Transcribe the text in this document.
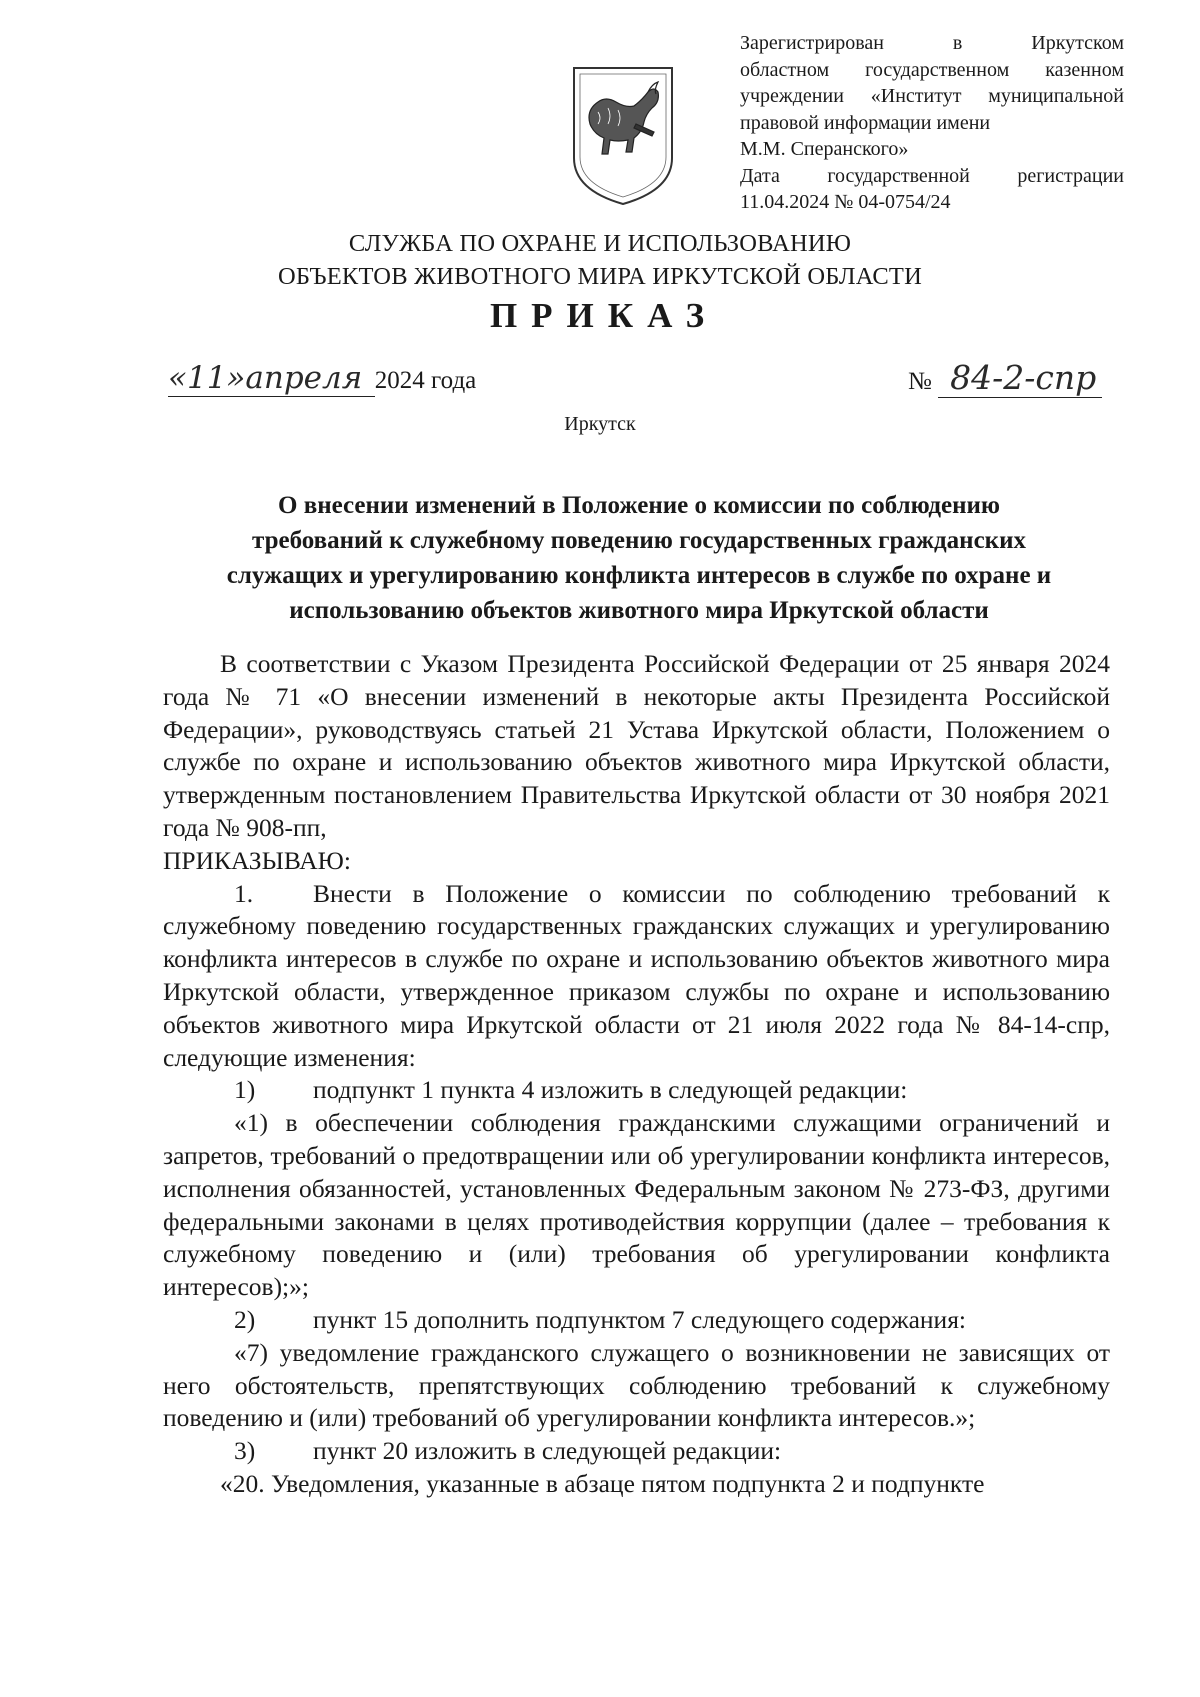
Зарегистрирован в Иркутском
областном государственном казенном
учреждении «Институт муниципальной
правовой информации имени
М.М. Сперанского»
Дата государственной регистрации
11.04.2024 № 04-0754/24
СЛУЖБА ПО ОХРАНЕ И ИСПОЛЬЗОВАНИЮ
ОБЪЕКТОВ ЖИВОТНОГО МИРА ИРКУТСКОЙ ОБЛАСТИ
ПРИКАЗ
«11»апреля 2024 года	№ 84-2-спр
Иркутск
О внесении изменений в Положение о комиссии по соблюдению
требований к служебному поведению государственных гражданских
служащих и урегулированию конфликта интересов в службе по охране и
использованию объектов животного мира Иркутской области

В соответствии с Указом Президента Российской Федерации от 25 января 2024 года № 71 «О внесении изменений в некоторые акты Президента Российской Федерации», руководствуясь статьей 21 Устава Иркутской области, Положением о службе по охране и использованию объектов животного мира Иркутской области, утвержденным постановлением Правительства Иркутской области от 30 ноября 2021 года № 908-пп,

ПРИКАЗЫВАЮ:

1. Внести в Положение о комиссии по соблюдению требований к служебному поведению государственных гражданских служащих и урегулированию конфликта интересов в службе по охране и использованию объектов животного мира Иркутской области, утвержденное приказом службы по охране и использованию объектов животного мира Иркутской области от 21 июля 2022 года № 84-14-спр, следующие изменения:

1) подпункт 1 пункта 4 изложить в следующей редакции:

«1) в обеспечении соблюдения гражданскими служащими ограничений и запретов, требований о предотвращении или об урегулировании конфликта интересов, исполнения обязанностей, установленных Федеральным законом № 273-ФЗ, другими федеральными законами в целях противодействия коррупции (далее – требования к служебному поведению и (или) требования об урегулировании конфликта интересов);»;

2) пункт 15 дополнить подпунктом 7 следующего содержания:

«7) уведомление гражданского служащего о возникновении не зависящих от него обстоятельств, препятствующих соблюдению требований к служебному поведению и (или) требований об урегулировании конфликта интересов.»;

3) пункт 20 изложить в следующей редакции:

«20. Уведомления, указанные в абзаце пятом подпункта 2 и подпункте
